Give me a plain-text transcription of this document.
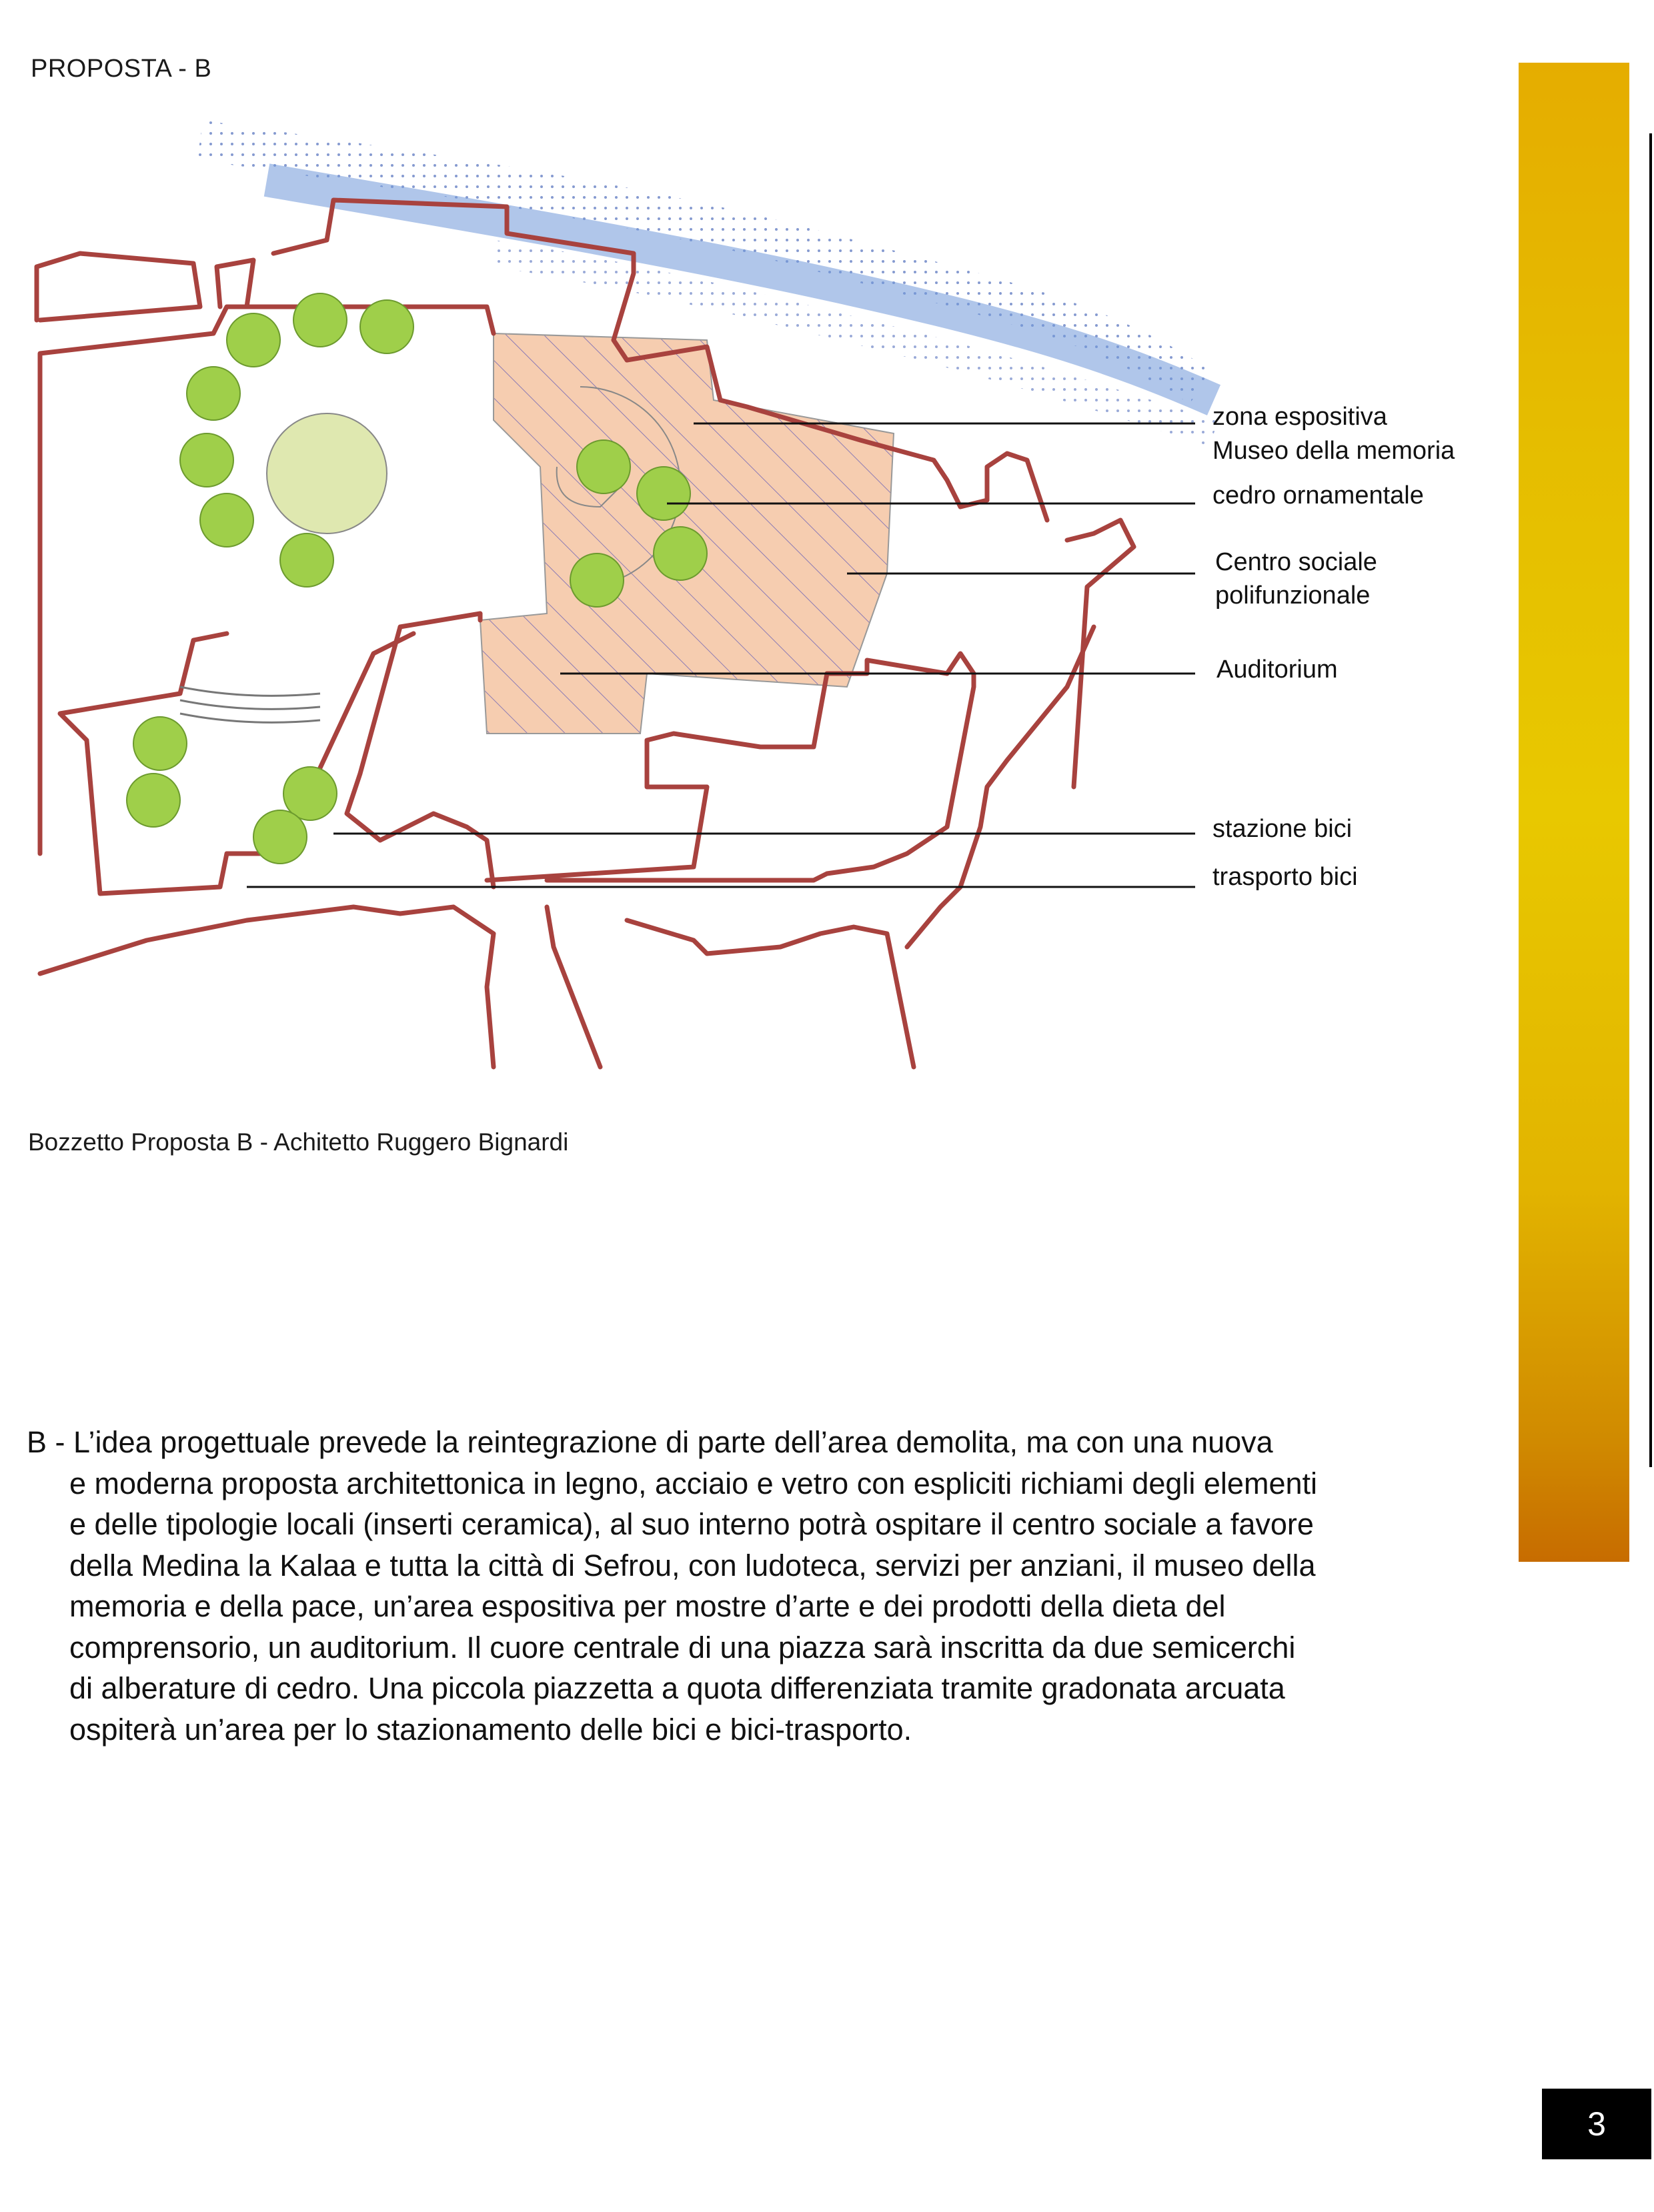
PROPOSTA - B
zona espositiva
Museo della memoria
cedro ornamentale
Centro sociale
polifunzionale
Auditorium
stazione bici
trasporto bici
Bozzetto Proposta B - Achitetto Ruggero Bignardi
B - L’idea progettuale prevede la reintegrazione di parte dell’area demolita, ma con una nuova
e moderna proposta architettonica in legno, acciaio e vetro con espliciti richiami degli elementi
e delle tipologie locali (inserti ceramica), al suo interno potrà ospitare il centro sociale a favore
della Medina la Kalaa e tutta la città di Sefrou, con ludoteca, servizi per anziani, il museo della
memoria e della pace, un’area espositiva per mostre d’arte e dei prodotti della dieta del
comprensorio, un auditorium. Il cuore centrale di una piazza sarà inscritta da due semicerchi
di alberature di cedro. Una piccola piazzetta a quota differenziata tramite gradonata arcuata
ospiterà un’area per lo stazionamento delle bici e bici-trasporto.
3
